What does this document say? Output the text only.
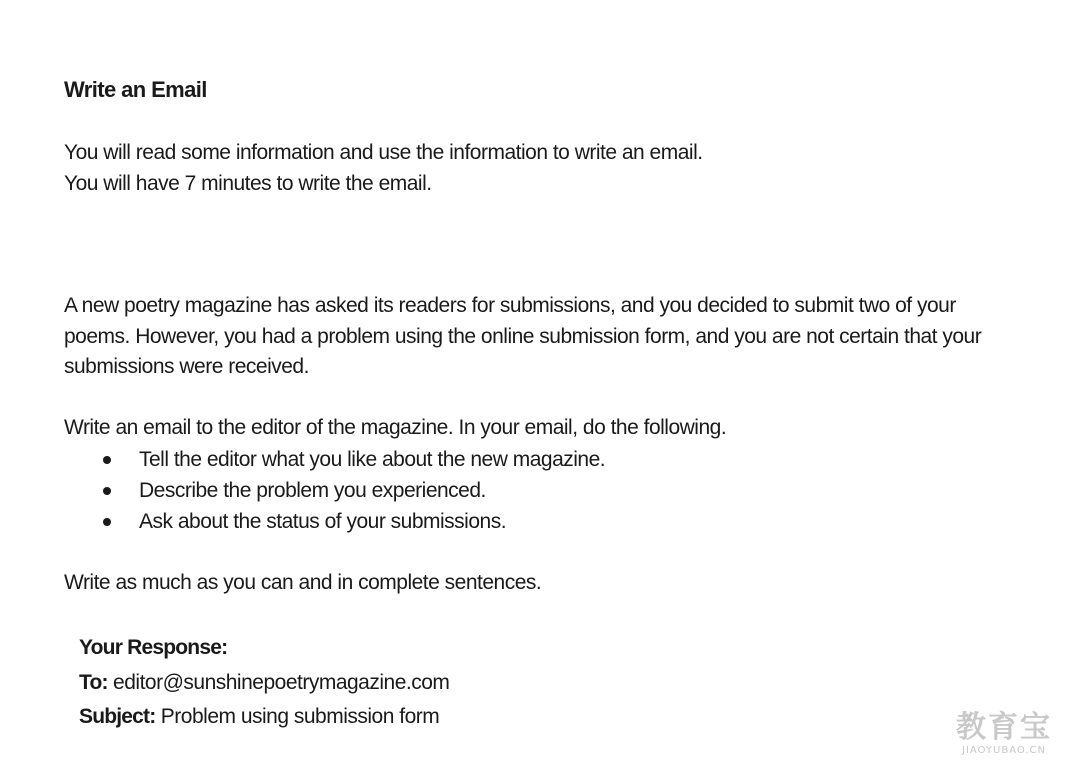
Write an Email

You will read some information and use the information to write an email.

You will have 7 minutes to write the email.

A new poetry magazine has asked its readers for submissions, and you decided to submit two of your poems. However, you had a problem using the online submission form, and you are not certain that your submissions were received.

Write an email to the editor of the magazine. In your email, do the following.

Tell the editor what you like about the new magazine.
Describe the problem you experienced.
Ask about the status of your submissions.

Write as much as you can and in complete sentences.

Your Response:
To: editor@sunshinepoetrymagazine.com
Subject: Problem using submission form	教育宝
JIAOYUBAO.CN
